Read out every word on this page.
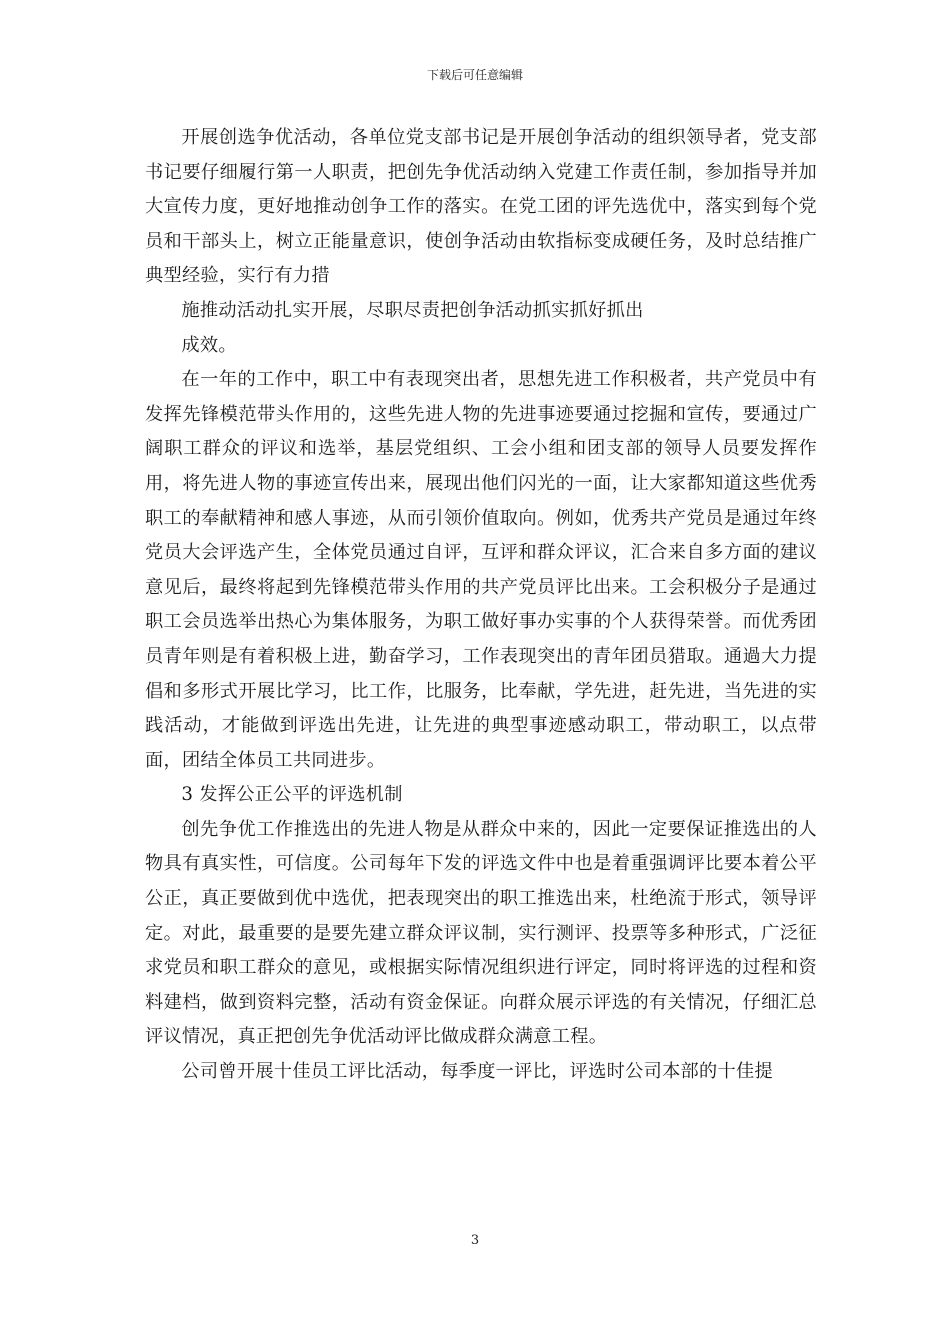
下载后可任意编辑

开展创选争优活动，各单位党支部书记是开展创争活动的组织领导者，党支部书记要仔细履行第一人职责，把创先争优活动纳入党建工作责任制，参加指导并加大宣传力度，更好地推动创争工作的落实。在党工团的评先选优中，落实到每个党员和干部头上，树立正能量意识，使创争活动由软指标变成硬任务，及时总结推广典型经验，实行有力措

施推动活动扎实开展，尽职尽责把创争活动抓实抓好抓出

成效。

在一年的工作中，职工中有表现突出者，思想先进工作积极者，共产党员中有发挥先锋模范带头作用的，这些先进人物的先进事迹要通过挖掘和宣传，要通过广阔职工群众的评议和选举，基层党组织、工会小组和团支部的领导人员要发挥作用，将先进人物的事迹宣传出来，展现出他们闪光的一面，让大家都知道这些优秀职工的奉献精神和感人事迹，从而引领价值取向。例如，优秀共产党员是通过年终党员大会评选产生，全体党员通过自评，互评和群众评议，汇合来自多方面的建议意见后，最终将起到先锋模范带头作用的共产党员评比出来。工会积极分子是通过职工会员选举出热心为集体服务，为职工做好事办实事的个人获得荣誉。而优秀团员青年则是有着积极上进，勤奋学习，工作表现突出的青年团员猎取。通過大力提倡和多形式开展比学习，比工作，比服务，比奉献，学先进，赶先进，当先进的实践活动，才能做到评选出先进，让先进的典型事迹感动职工，带动职工，以点带面，团结全体员工共同进步。

3 发挥公正公平的评选机制

创先争优工作推选出的先进人物是从群众中来的，因此一定要保证推选出的人物具有真实性，可信度。公司每年下发的评选文件中也是着重强调评比要本着公平公正，真正要做到优中选优，把表现突出的职工推选出来，杜绝流于形式，领导评定。对此，最重要的是要先建立群众评议制，实行测评、投票等多种形式，广泛征求党员和职工群众的意见，或根据实际情况组织进行评定，同时将评选的过程和资料建档，做到资料完整，活动有资金保证。向群众展示评选的有关情况，仔细汇总评议情况，真正把创先争优活动评比做成群众满意工程。

公司曾开展十佳员工评比活动，每季度一评比，评选时公司本部的十佳提

3
